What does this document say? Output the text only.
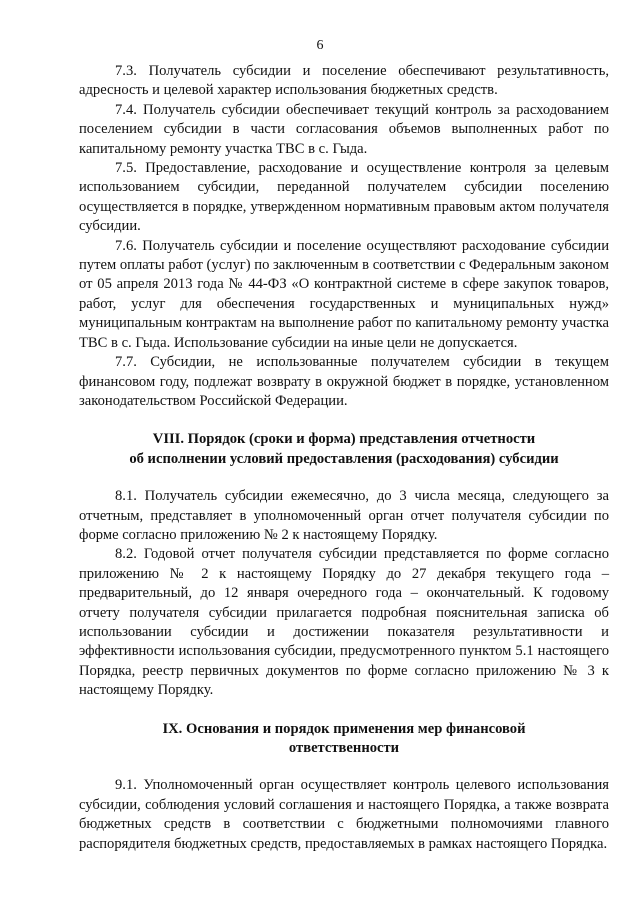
6

7.3. Получатель субсидии и поселение обеспечивают результативность, адресность и целевой характер использования бюджетных средств.

7.4. Получатель субсидии обеспечивает текущий контроль за расходованием поселением субсидии в части согласования объемов выполненных работ по капитальному ремонту участка ТВС в с. Гыда.

7.5. Предоставление, расходование и осуществление контроля за целевым использованием субсидии, переданной получателем субсидии поселению осуществляется в порядке, утвержденном нормативным правовым актом получателя субсидии.

7.6. Получатель субсидии и поселение осуществляют расходование субсидии путем оплаты работ (услуг) по заключенным в соответствии с Федеральным законом от 05 апреля 2013 года № 44-ФЗ «О контрактной системе в сфере закупок товаров, работ, услуг для обеспечения государственных и муниципальных нужд» муниципальным контрактам на выполнение работ по капитальному ремонту участка ТВС в с. Гыда. Использование субсидии на иные цели не допускается.

7.7. Субсидии, не использованные получателем субсидии в текущем финансовом году, подлежат возврату в окружной бюджет в порядке, установленном законодательством Российской Федерации.

VIII. Порядок (сроки и форма) представления отчетности
об исполнении условий предоставления (расходования) субсидии

8.1. Получатель субсидии ежемесячно, до 3 числа месяца, следующего за отчетным, представляет в уполномоченный орган отчет получателя субсидии по форме согласно приложению № 2 к настоящему Порядку.

8.2. Годовой отчет получателя субсидии представляется по форме согласно приложению № 2 к настоящему Порядку до 27 декабря текущего года – предварительный, до 12 января очередного года – окончательный. К годовому отчету получателя субсидии прилагается подробная пояснительная записка об использовании субсидии и достижении показателя результативности и эффективности использования субсидии, предусмотренного пунктом 5.1 настоящего Порядка, реестр первичных документов по форме согласно приложению № 3 к настоящему Порядку.

IX. Основания и порядок применения мер финансовой
ответственности

9.1. Уполномоченный орган осуществляет контроль целевого использования субсидии, соблюдения условий соглашения и настоящего Порядка, а также возврата бюджетных средств в соответствии с бюджетными полномочиями главного распорядителя бюджетных средств, предоставляемых в рамках настоящего Порядка.
